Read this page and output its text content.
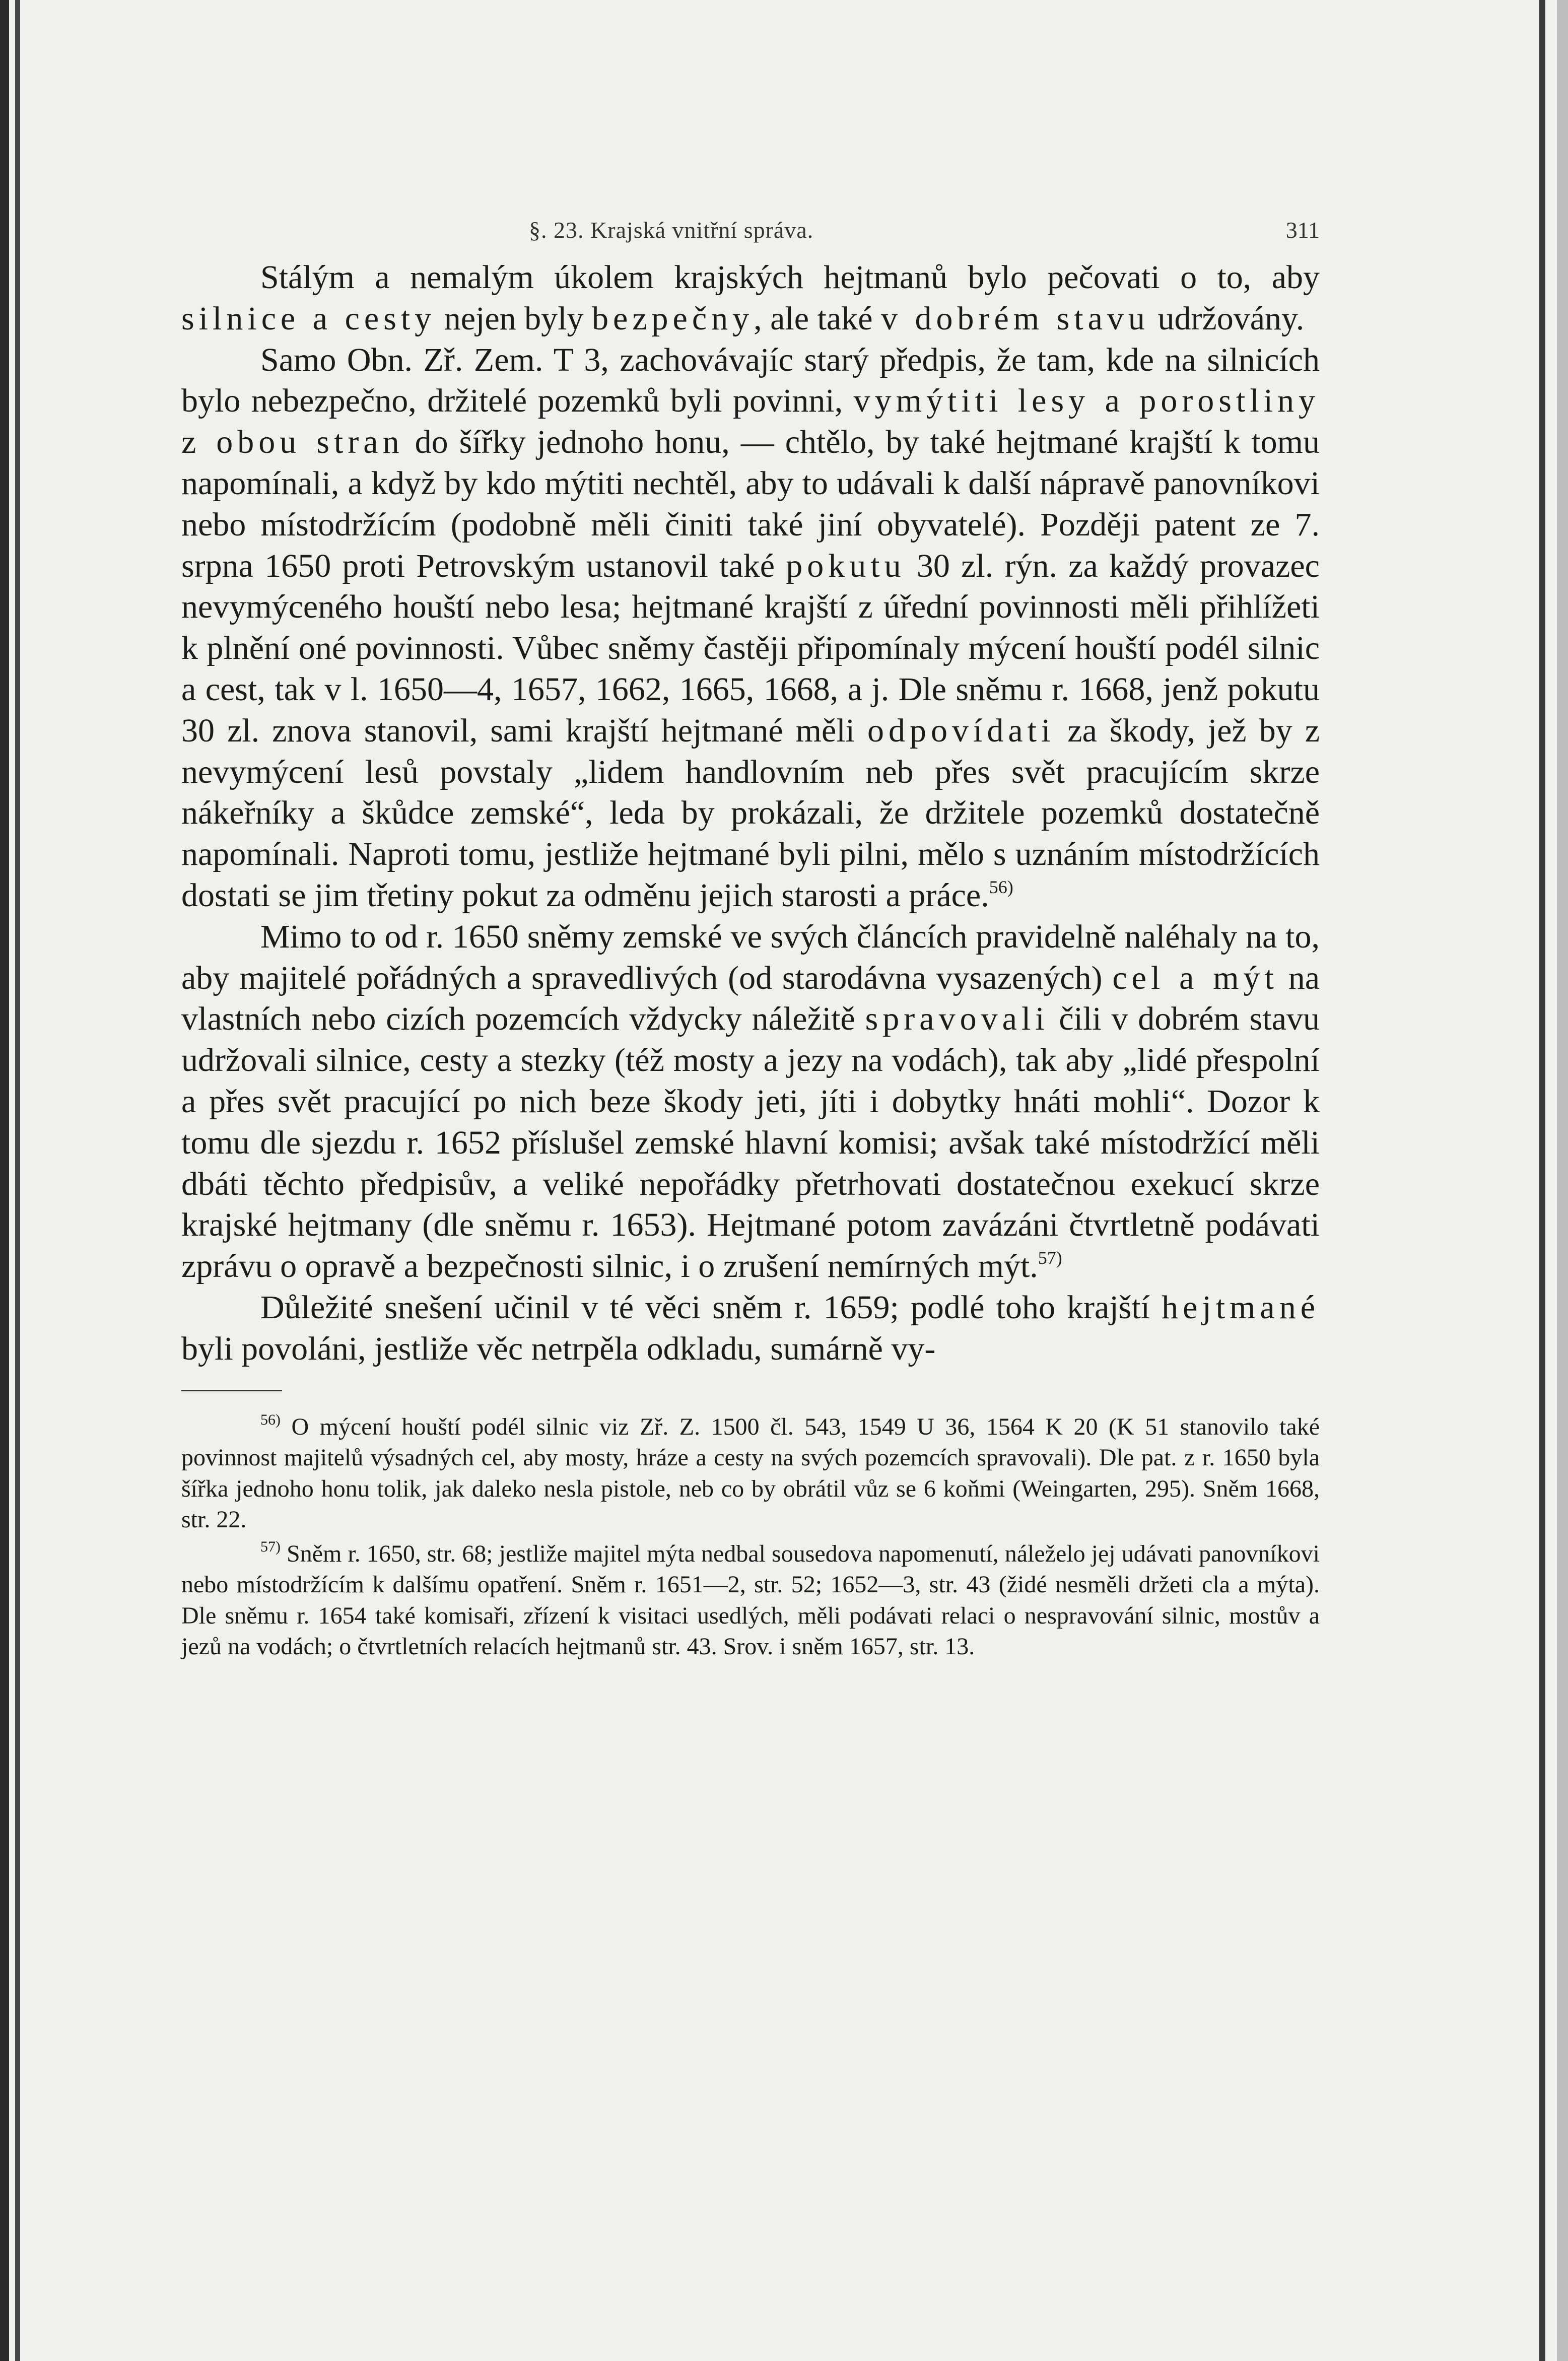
§. 23. Krajská vnitřní správa.	311

Stálým a nemalým úkolem krajských hejtmanů bylo pečovati o to, aby silnice a cesty nejen byly bezpečny, ale také v dobrém stavu udržovány.

Samo Obn. Zř. Zem. T 3, zachovávajíc starý předpis, že tam, kde na silnicích bylo nebezpečno, držitelé pozemků byli povinni, vymýtiti lesy a porostliny z obou stran do šířky jednoho honu, — chtělo, by také hejtmané krajští k tomu napomínali, a když by kdo mýtiti nechtěl, aby to udávali k další nápravě panovníkovi nebo místodržícím (podobně měli činiti také jiní obyvatelé). Později patent ze 7. srpna 1650 proti Petrovským ustanovil také pokutu 30 zl. rýn. za každý provazec nevymýceného houští nebo lesa; hejtmané krajští z úřední povinnosti měli přihlížeti k plnění oné povinnosti. Vůbec sněmy častěji připomínaly mýcení houští podél silnic a cest, tak v l. 1650—4, 1657, 1662, 1665, 1668, a j. Dle sněmu r. 1668, jenž pokutu 30 zl. znova stanovil, sami krajští hejtmané měli odpovídati za škody, jež by z nevymýcení lesů povstaly „lidem handlovním neb přes svět pracujícím skrze nákeřníky a škůdce zemské“, leda by prokázali, že držitele pozemků dostatečně napomínali. Naproti tomu, jestliže hejtmané byli pilni, mělo s uznáním místodržících dostati se jim třetiny pokut za odměnu jejich starosti a práce.$^{56)}$

Mimo to od r. 1650 sněmy zemské ve svých článcích pravidelně naléhaly na to, aby majitelé pořádných a spravedlivých (od starodávna vysazených) cel a mýt na vlastních nebo cizích pozemcích vždycky náležitě spravovali čili v dobrém stavu udržovali silnice, cesty a stezky (též mosty a jezy na vodách), tak aby „lidé přespolní a přes svět pracující po nich beze škody jeti, jíti i dobytky hnáti mohli“. Dozor k tomu dle sjezdu r. 1652 příslušel zemské hlavní komisi; avšak také místodržící měli dbáti těchto předpisův, a veliké nepořádky přetrhovati dostatečnou exekucí skrze krajské hejtmany (dle sněmu r. 1653). Hejtmané potom zavázáni čtvrtletně podávati zprávu o opravě a bezpečnosti silnic, i o zrušení nemírných mýt.$^{57)}$

Důležité snešení učinil v té věci sněm r. 1659; podlé toho krajští hejtmané byli povoláni, jestliže věc netrpěla odkladu, sumárně vy-

$^{56)}$ O mýcení houští podél silnic viz Zř. Z. 1500 čl. 543, 1549 U 36, 1564 K 20 (K 51 stanovilo také povinnost majitelů výsadných cel, aby mosty, hráze a cesty na svých pozemcích spravovali). Dle pat. z r. 1650 byla šířka jednoho honu tolik, jak daleko nesla pistole, neb co by obrátil vůz se 6 koňmi (Weingarten, 295). Sněm 1668, str. 22.

$^{57)}$ Sněm r. 1650, str. 68; jestliže majitel mýta nedbal sousedova napomenutí, náleželo jej udávati panovníkovi nebo místodržícím k dalšímu opatření. Sněm r. 1651—2, str. 52; 1652—3, str. 43 (židé nesměli držeti cla a mýta). Dle sněmu r. 1654 také komisaři, zřízení k visitaci usedlých, měli podávati relaci o nespravování silnic, mostův a jezů na vodách; o čtvrtletních relacích hejtmanů str. 43. Srov. i sněm 1657, str. 13.
